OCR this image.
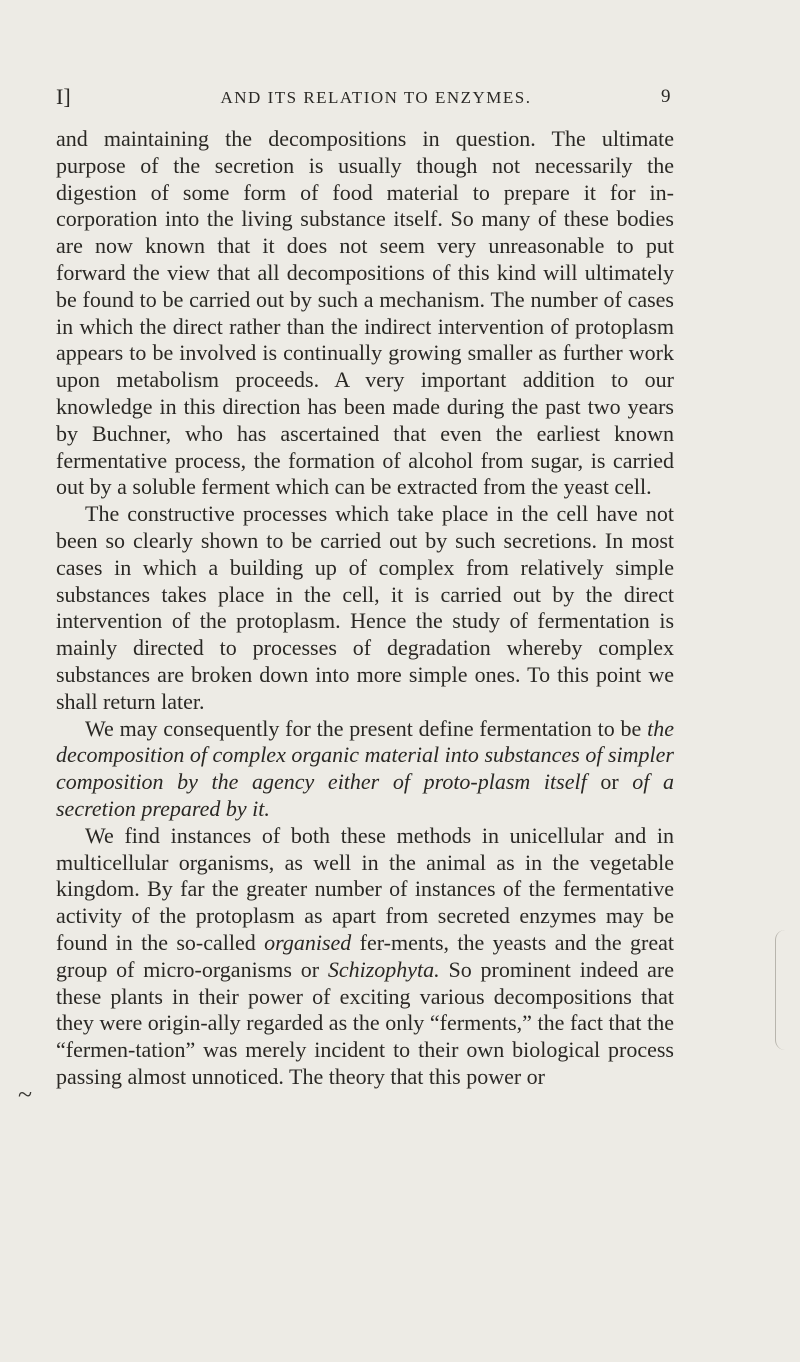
I]	AND ITS RELATION TO ENZYMES.	9

and maintaining the decompositions in question. The ultimate purpose of the secretion is usually though not necessarily the digestion of some form of food material to prepare it for in-corporation into the living substance itself. So many of these bodies are now known that it does not seem very unreasonable to put forward the view that all decompositions of this kind will ultimately be found to be carried out by such a mechanism. The number of cases in which the direct rather than the indirect intervention of protoplasm appears to be involved is continually growing smaller as further work upon metabolism proceeds. A very important addition to our knowledge in this direction has been made during the past two years by Buchner, who has ascertained that even the earliest known fermentative process, the formation of alcohol from sugar, is carried out by a soluble ferment which can be extracted from the yeast cell.

The constructive processes which take place in the cell have not been so clearly shown to be carried out by such secretions. In most cases in which a building up of complex from relatively simple substances takes place in the cell, it is carried out by the direct intervention of the protoplasm. Hence the study of fermentation is mainly directed to processes of degradation whereby complex substances are broken down into more simple ones. To this point we shall return later.

We may consequently for the present define fermentation to be the decomposition of complex organic material into substances of simpler composition by the agency either of proto-plasm itself or of a secretion prepared by it.

We find instances of both these methods in unicellular and in multicellular organisms, as well in the animal as in the vegetable kingdom. By far the greater number of instances of the fermentative activity of the protoplasm as apart from secreted enzymes may be found in the so-called organised fer-ments, the yeasts and the great group of micro-organisms or Schizophyta. So prominent indeed are these plants in their power of exciting various decompositions that they were origin-ally regarded as the only “ferments,” the fact that the “fermen-tation” was merely incident to their own biological process passing almost unnoticed. The theory that this power or

~
